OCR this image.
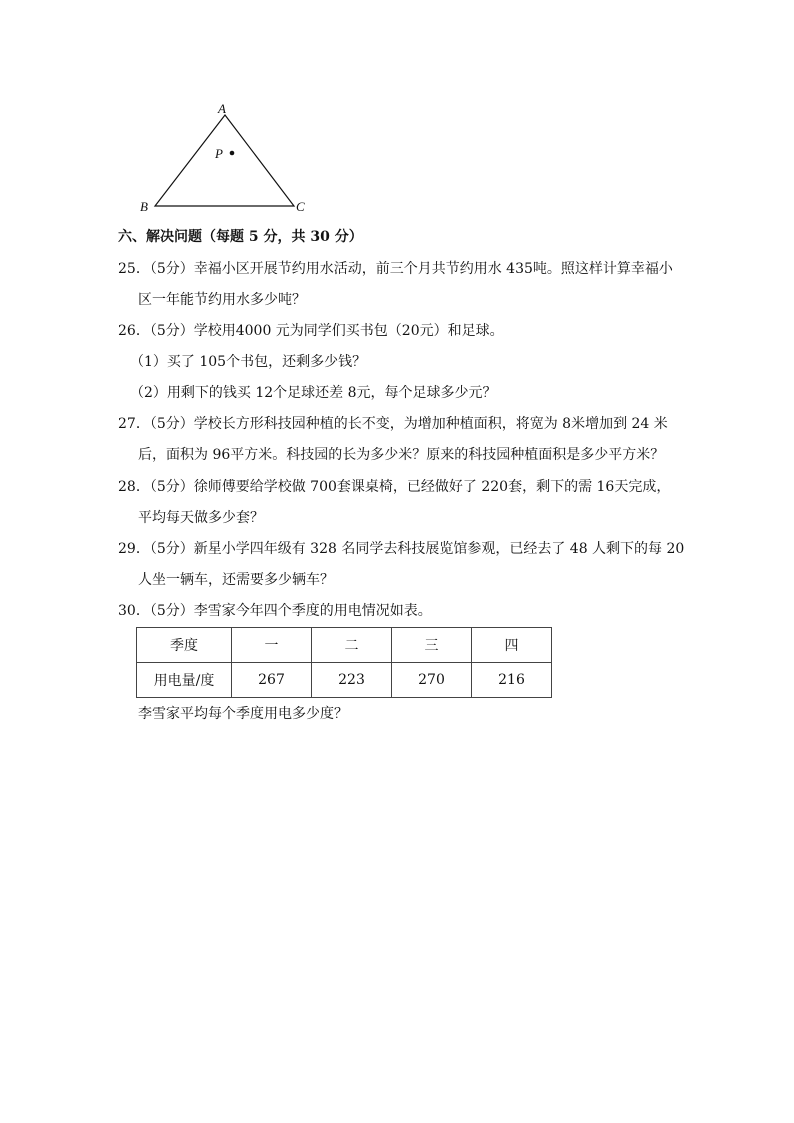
A
B	C
P
六、解决问题（每题 5 分，共 30 分）
25．（5分）幸福小区开展节约用水活动，前三个月共节约用水 435吨。照这样计算幸福小
区一年能节约用水多少吨？
26．（5分）学校用4000 元为同学们买书包（20元）和足球。
（1）买了 105个书包，还剩多少钱？
（2）用剩下的钱买 12个足球还差 8元，每个足球多少元？
27．（5分）学校长方形科技园种植的长不变，为增加种植面积，将宽为 8米增加到 24 米
后，面积为 96平方米。科技园的长为多少米？原来的科技园种植面积是多少平方米？
28．（5分）徐师傅要给学校做 700套课桌椅，已经做好了 220套，剩下的需 16天完成，
平均每天做多少套？
29．（5分）新星小学四年级有 328 名同学去科技展览馆参观，已经去了 48 人剩下的每 20
人坐一辆车，还需要多少辆车？
30．（5分）李雪家今年四个季度的用电情况如表。
季度	一	二	三	四
用电量/度	267	223	270	216
李雪家平均每个季度用电多少度？
